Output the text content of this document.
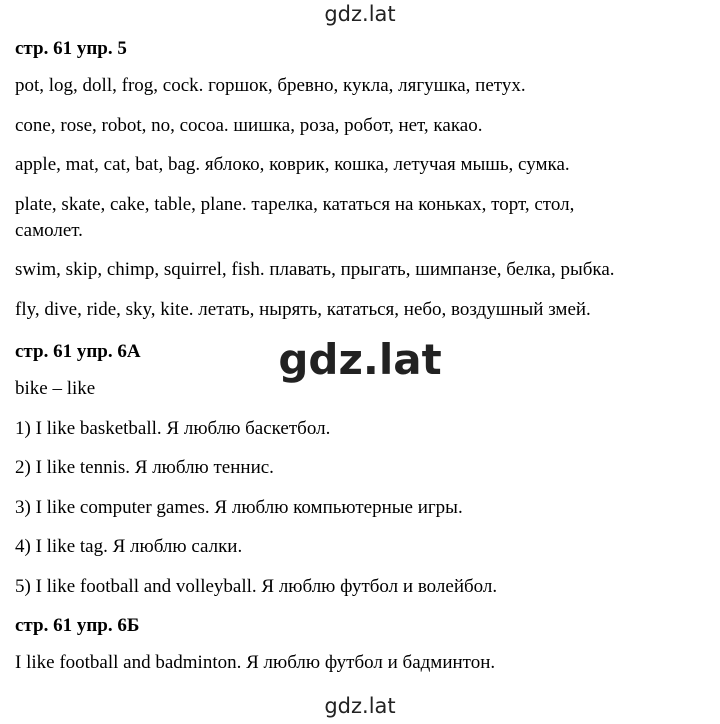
gdz.lat
стр. 61 упр. 5
pot, log, doll, frog, cock. горшок, бревно, кукла, лягушка, петух.
cone, rose, robot, no, cocoa. шишка, роза, робот, нет, какао.
apple, mat, cat, bat, bag. яблоко, коврик, кошка, летучая мышь, сумка.
plate, skate, cake, table, plane. тарелка, кататься на коньках, торт, стол,
самолет.
swim, skip, chimp, squirrel, fish. плавать, прыгать, шимпанзе, белка, рыбка.
fly, dive, ride, sky, kite. летать, нырять, кататься, небо, воздушный змей.
gdz.lat
стр. 61 упр. 6А
bike – like
1) I like basketball. Я люблю баскетбол.
2) I like tennis. Я люблю теннис.
3) I like computer games. Я люблю компьютерные игры.
4) I like tag. Я люблю салки.
5) I like football and volleyball. Я люблю футбол и волейбол.
стр. 61 упр. 6Б
I like football and badminton. Я люблю футбол и бадминтон.
gdz.lat
